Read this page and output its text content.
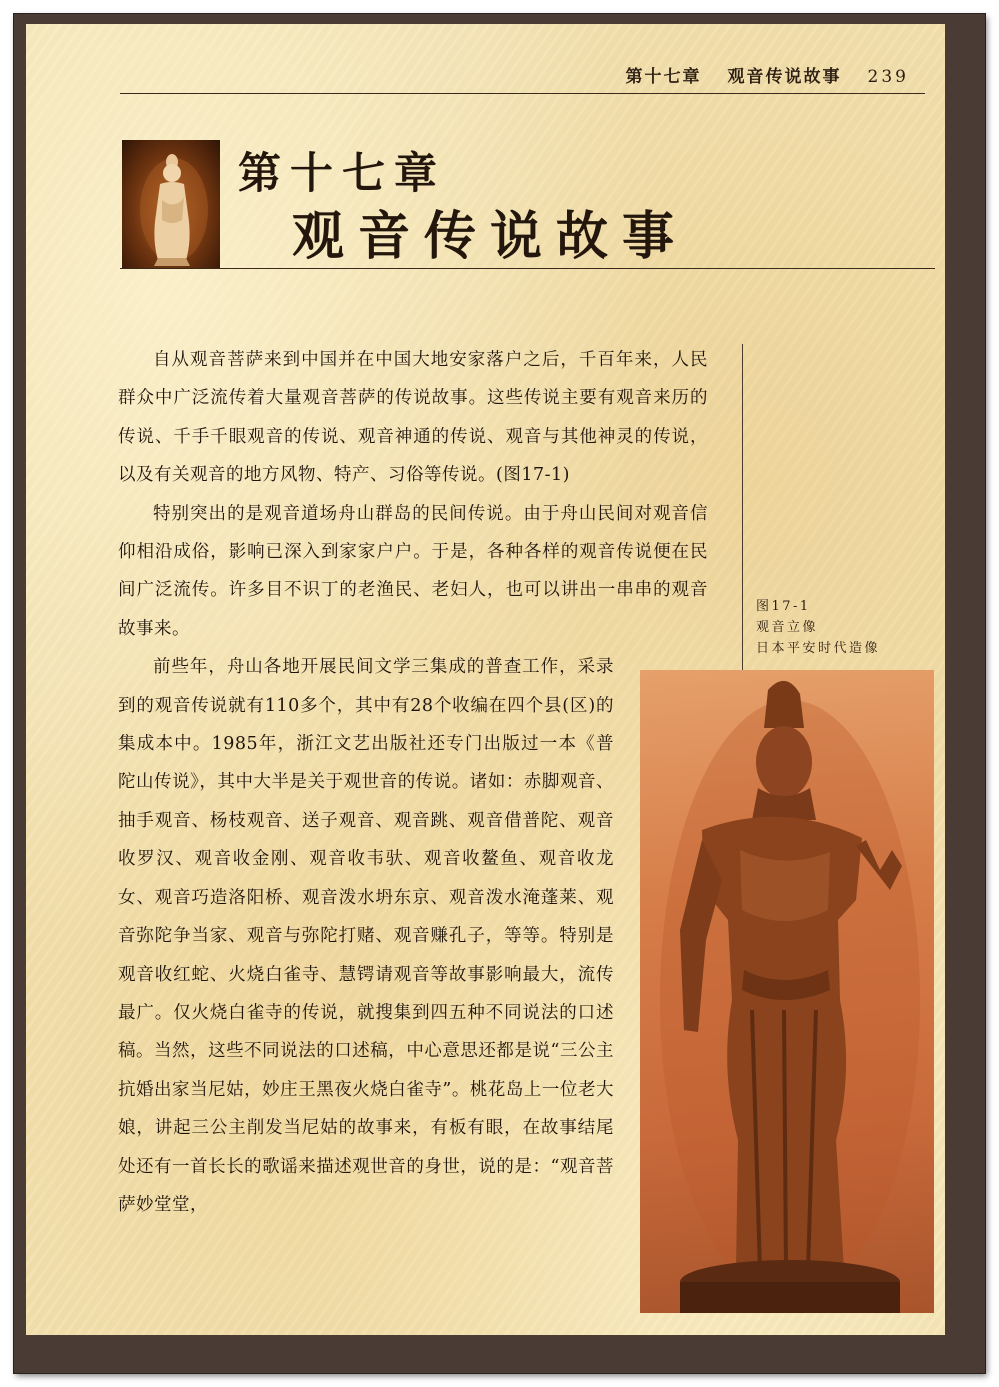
第十七章 观音传说故事 239
第十七章
观音传说故事

自从观音菩萨来到中国并在中国大地安家落户之后，千百年来，人民群众中广泛流传着大量观音菩萨的传说故事。这些传说主要有观音来历的传说、千手千眼观音的传说、观音神通的传说、观音与其他神灵的传说，以及有关观音的地方风物、特产、习俗等传说。(图17-1)

特别突出的是观音道场舟山群岛的民间传说。由于舟山民间对观音信仰相沿成俗，影响已深入到家家户户。于是，各种各样的观音传说便在民间广泛流传。许多目不识丁的老渔民、老妇人，也可以讲出一串串的观音故事来。

前些年，舟山各地开展民间文学三集成的普查工作，采录到的观音传说就有110多个，其中有28个收编在四个县(区)的集成本中。1985年，浙江文艺出版社还专门出版过一本《普陀山传说》，其中大半是关于观世音的传说。诸如：赤脚观音、抽手观音、杨枝观音、送子观音、观音跳、观音借普陀、观音收罗汉、观音收金刚、观音收韦驮、观音收鳌鱼、观音收龙女、观音巧造洛阳桥、观音泼水坍东京、观音泼水淹蓬莱、观音弥陀争当家、观音与弥陀打赌、观音赚孔子，等等。特别是观音收红蛇、火烧白雀寺、慧锷请观音等故事影响最大，流传最广。仅火烧白雀寺的传说，就搜集到四五种不同说法的口述稿。当然，这些不同说法的口述稿，中心意思还都是说“三公主抗婚出家当尼姑，妙庄王黑夜火烧白雀寺”。桃花岛上一位老大娘，讲起三公主削发当尼姑的故事来，有板有眼，在故事结尾处还有一首长长的歌谣来描述观世音的身世，说的是：“观音菩萨妙堂堂，

图17-1
观音立像
日本平安时代造像
